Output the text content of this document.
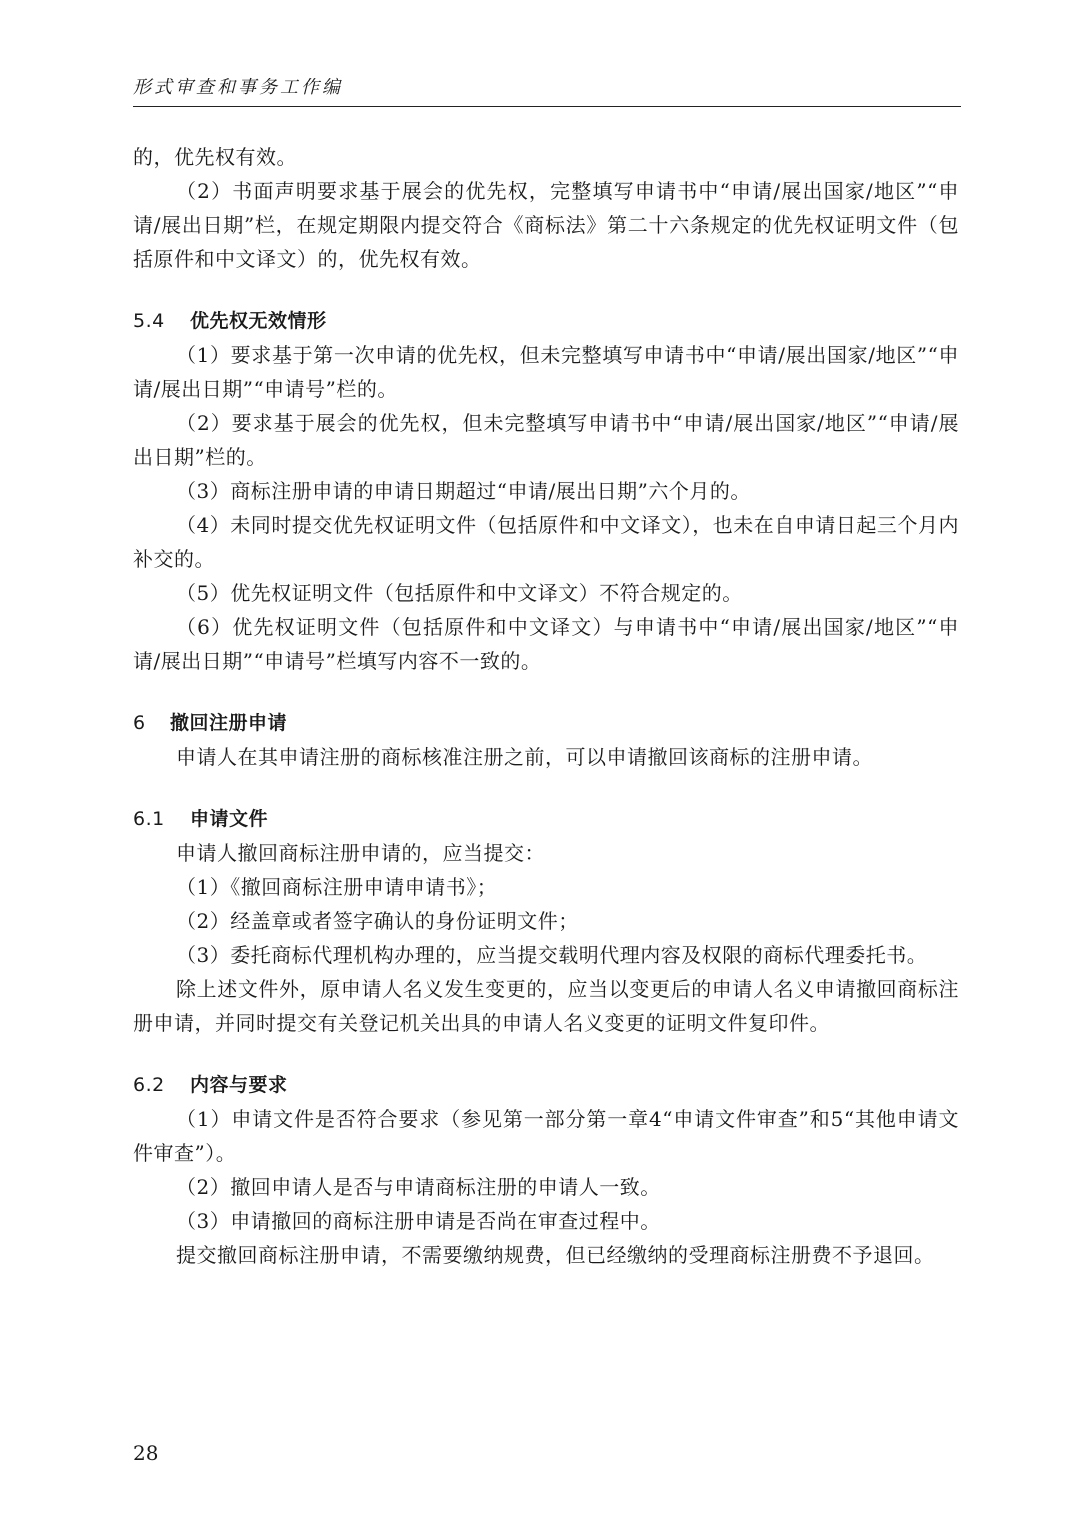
形式审查和事务工作编

的，优先权有效。

（2）书面声明要求基于展会的优先权，完整填写申请书中“申请/展出国家/地区”“申请/展出日期”栏，在规定期限内提交符合《商标法》第二十六条规定的优先权证明文件（包括原件和中文译文）的，优先权有效。

5.4 优先权无效情形

（1）要求基于第一次申请的优先权，但未完整填写申请书中“申请/展出国家/地区”“申请/展出日期”“申请号”栏的。

（2）要求基于展会的优先权，但未完整填写申请书中“申请/展出国家/地区”“申请/展出日期”栏的。

（3）商标注册申请的申请日期超过“申请/展出日期”六个月的。

（4）未同时提交优先权证明文件（包括原件和中文译文），也未在自申请日起三个月内补交的。

（5）优先权证明文件（包括原件和中文译文）不符合规定的。

（6）优先权证明文件（包括原件和中文译文）与申请书中“申请/展出国家/地区”“申请/展出日期”“申请号”栏填写内容不一致的。

6 撤回注册申请

申请人在其申请注册的商标核准注册之前，可以申请撤回该商标的注册申请。

6.1 申请文件

申请人撤回商标注册申请的，应当提交：

（1）《撤回商标注册申请申请书》；

（2）经盖章或者签字确认的身份证明文件；

（3）委托商标代理机构办理的，应当提交载明代理内容及权限的商标代理委托书。

除上述文件外，原申请人名义发生变更的，应当以变更后的申请人名义申请撤回商标注册申请，并同时提交有关登记机关出具的申请人名义变更的证明文件复印件。

6.2 内容与要求

（1）申请文件是否符合要求（参见第一部分第一章4“申请文件审查”和5“其他申请文件审查”）。

（2）撤回申请人是否与申请商标注册的申请人一致。

（3）申请撤回的商标注册申请是否尚在审查过程中。

提交撤回商标注册申请，不需要缴纳规费，但已经缴纳的受理商标注册费不予退回。

28
